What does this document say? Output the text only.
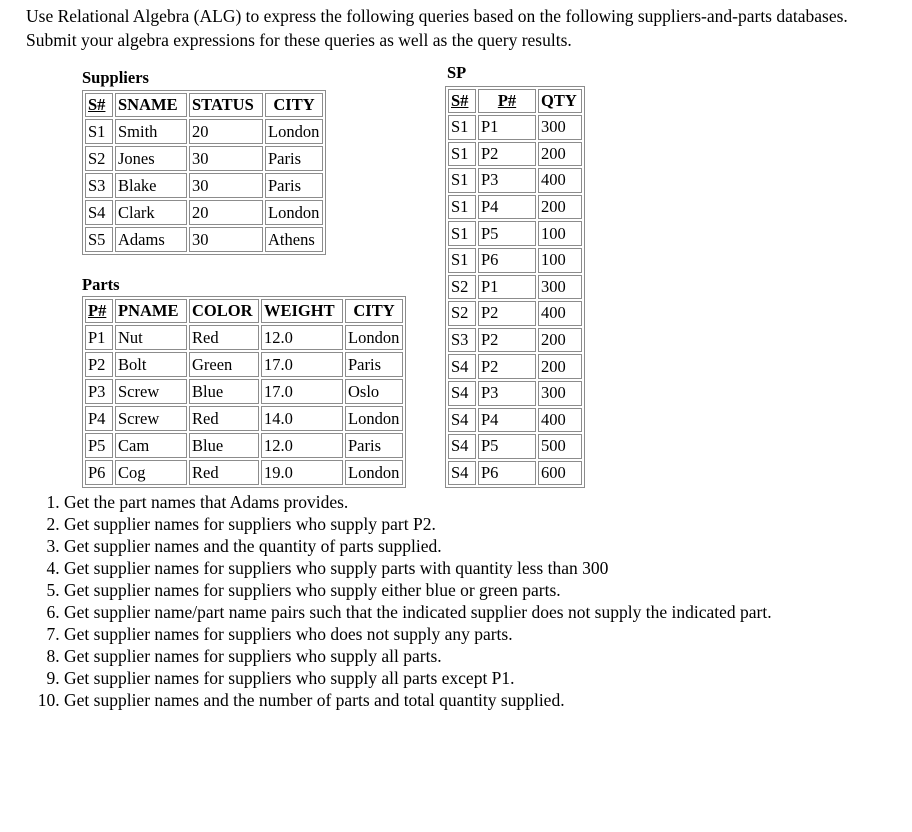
Use Relational Algebra (ALG) to express the following queries based on the following suppliers-and-parts databases. Submit your algebra expressions for these queries as well as the query results.
Suppliers
S#	SNAME	STATUS	CITY
S1	Smith	20	London
S2	Jones	30	Paris
S3	Blake	30	Paris
S4	Clark	20	London
S5	Adams	30	Athens
Parts
P#	PNAME	COLOR	WEIGHT	CITY
P1	Nut	Red	12.0	London
P2	Bolt	Green	17.0	Paris
P3	Screw	Blue	17.0	Oslo
P4	Screw	Red	14.0	London
P5	Cam	Blue	12.0	Paris
P6	Cog	Red	19.0	London
SP
S#	P#	QTY
S1	P1	300
S1	P2	200
S1	P3	400
S1	P4	200
S1	P5	100
S1	P6	100
S2	P1	300
S2	P2	400
S3	P2	200
S4	P2	200
S4	P3	300
S4	P4	400
S4	P5	500
S4	P6	600
1. Get the part names that Adams provides.
2. Get supplier names for suppliers who supply part P2.
3. Get supplier names and the quantity of parts supplied.
4. Get supplier names for suppliers who supply parts with quantity less than 300
5. Get supplier names for suppliers who supply either blue or green parts.
6. Get supplier name/part name pairs such that the indicated supplier does not supply the indicated part.
7. Get supplier names for suppliers who does not supply any parts.
8. Get supplier names for suppliers who supply all parts.
9. Get supplier names for suppliers who supply all parts except P1.
10. Get supplier names and the number of parts and total quantity supplied.
